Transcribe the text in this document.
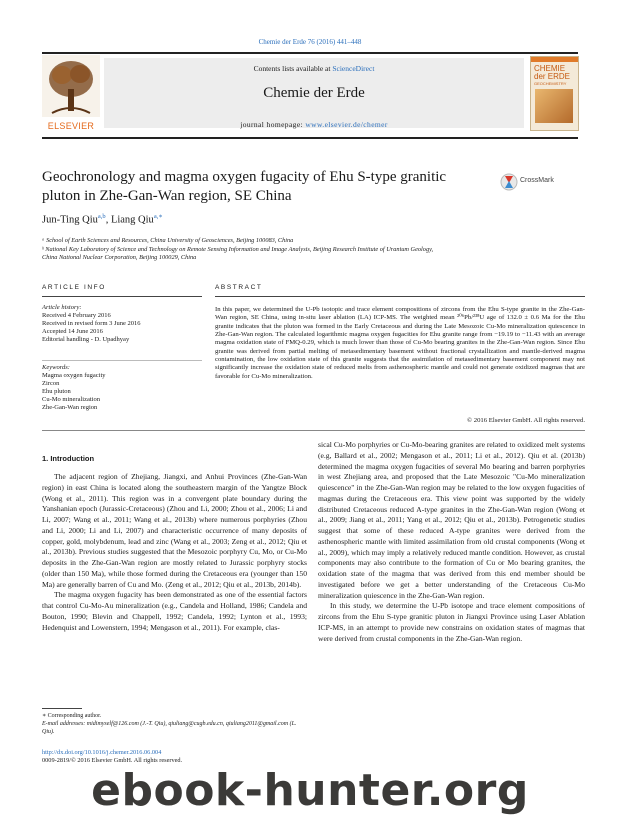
Chemie der Erde 76 (2016) 441–448
ELSEVIER
Contents lists available at ScienceDirect
Chemie der Erde
journal homepage: www.elsevier.de/chemer
CHEMIE
der ERDE
GEOCHEMISTRY
Geochronology and magma oxygen fugacity of Ehu S-type granitic pluton in Zhe-Gan-Wan region, SE China
CrossMark
Jun-Ting Qiu$^{a,b}$, Liang Qiu$^{a,∗}$
ᵃ School of Earth Sciences and Resources, China University of Geosciences, Beijing 100083, China
ᵇ National Key Laboratory of Science and Technology on Remote Sensing Information and Image Analysis, Beijing Research Institute of Uranium Geology,
China National Nuclear Corporation, Beijing 100029, China
ARTICLE INFO
Article history:
Received 4 February 2016
Received in revised form 3 June 2016
Accepted 14 June 2016
Editorial handling - D. Upadhyay
Keywords:
Magma oxygen fugacity
Zircon
Ehu pluton
Cu-Mo mineralization
Zhe-Gan-Wan region
ABSTRACT
In this paper, we determined the U-Pb isotopic and trace element compositions of zircons from the Ehu S-type granite in the Zhe-Gan-Wan region, SE China, using in-situ laser ablation (LA) ICP-MS. The weighted mean ²⁰⁶Pb/²³⁸U age of 132.0 ± 0.6 Ma for the Ehu granite indicates that the pluton was formed in the Early Cretaceous and during the Late Mesozoic Cu-Mo mineralization quiescence in Zhe-Gan-Wan region. The calculated logarithmic magma oxygen fugacities for Ehu granite range from −19.19 to −11.43 with an average magma oxidation state of FMQ-0.29, which is much lower than those of Cu-Mo bearing granites in the Zhe-Gan-Wan region. Since Ehu granite was derived from partial melting of metasedimentary basement without fractional crystallization and mantle-derived magma contamination, the low oxidation state of this granite suggests that the assimilation of metasedimentary basement component may not significantly increase the oxidation state of reduced melts from asthenospheric mantle and could not generate oxidized magmas that are favorable for Cu-Mo mineralization.
© 2016 Elsevier GmbH. All rights reserved.
1. Introduction

The adjacent region of Zhejiang, Jiangxi, and Anhui Provinces (Zhe-Gan-Wan region) in east China is located along the southeastern margin of the Yangtze Block (Wong et al., 2011). This region was in a convergent plate boundary during the Yanshanian epoch (Jurassic-Cretaceous) (Zhou and Li, 2000; Zhou et al., 2006; Li and Li, 2007; Wang et al., 2011; Wang et al., 2013b) where numerous porphyries (Zhou and Li, 2000; Li and Li, 2007) and characteristic occurrence of many deposits of copper, gold, molybdenum, lead and zinc (Wang et al., 2003; Zeng et al., 2012; Qiu et al., 2013b). Previous studies suggested that the Mesozoic porphyry Cu, Mo, or Cu-Mo deposits in the Zhe-Gan-Wan region are mostly related to Jurassic porphyry stocks (older than 150 Ma), while those formed during the Cretaceous era (younger than 150 Ma) are generally barren of Cu and Mo. (Zeng et al., 2012; Qiu et al., 2013b, 2014b).

The magma oxygen fugacity has been demonstrated as one of the essential factors that control Cu-Mo-Au mineralization (e.g., Candela and Holland, 1986; Candela and Bouton, 1990; Blevin and Chappell, 1992; Candela, 1992; Lynton et al., 1993; Hedenquist and Lowenstern, 1994; Mengason et al., 2011). For example, clas-

sical Cu-Mo porphyries or Cu-Mo-bearing granites are related to oxidized melt systems (e.g, Ballard et al., 2002; Mengason et al., 2011; Li et al., 2012). Qiu et al. (2013b) determined the magma oxygen fugacities of several Mo bearing and barren porphyries in west Zhejiang area, and proposed that the Late Mesozoic "Cu-Mo mineralization quiescence" in the Zhe-Gan-Wan region may be related to the low oxygen fugacities of magmas during the Cretaceous era. This view point was supported by the widely distributed Cretaceous reduced A-type granites in the Zhe-Gan-Wan region (Wong et al., 2009; Jiang et al., 2011; Yang et al., 2012; Qiu et al., 2013b). Petrogenetic studies suggest that some of these reduced A-type granites were derived from the asthenospheric mantle with limited assimilation from old crustal components (Wong et al., 2009), which may imply a relatively reduced mantle condition. However, as crustal components may also contribute to the formation of Cu or Mo bearing granites, the oxidation state of the magma that was derived from this end member should be investigated before we get a better understanding of the Cretaceous Cu-Mo mineralization quiescence in the Zhe-Gan-Wan region.

In this study, we determine the U-Pb isotope and trace element compositions of zircons from the Ehu S-type granitic pluton in Jiangxi Province using Laser Ablation ICP-MS, in an attempt to provide new constrains on oxidation states of magmas that were derived from crustal components in the Zhe-Gan-Wan region.

∗ Corresponding author.
E-mail addresses: midimyself@126.com (J.-T. Qiu), qiuliang@cugb.edu.cn, qiuliang2011@gmail.com (L. Qiu).
http://dx.doi.org/10.1016/j.chemer.2016.06.004
0009-2819/© 2016 Elsevier GmbH. All rights reserved.
ebook-hunter.org
